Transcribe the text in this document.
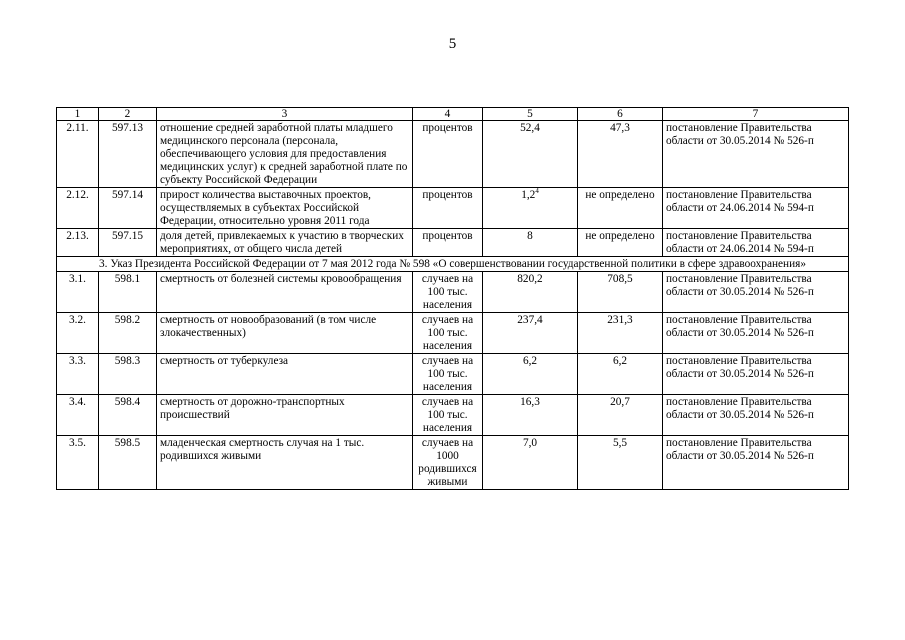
5
1	2	3	4	5	6	7
2.11.	597.13	отношение средней заработной платы младшего медицинского персонала (персонала, обеспечивающего условия для предоставления медицинских услуг) к средней заработной плате по субъекту Российской Федерации	процентов	52,4	47,3	постановление Правительства области от 30.05.2014 № 526-п
2.12.	597.14	прирост количества выставочных проектов, осуществляемых в субъектах Российской Федерации, относительно уровня 2011 года	процентов	$1,2^4$	не определено	постановление Правительства области от 24.06.2014 № 594-п
2.13.	597.15	доля детей, привлекаемых к участию в творческих мероприятиях, от общего числа детей	процентов	8	не определено	постановление Правительства области от 24.06.2014 № 594-п
3. Указ Президента Российской Федерации от 7 мая 2012 года № 598 «О совершенствовании государственной политики в сфере здравоохранения»						
3.1.	598.1	смертность от болезней системы кровообращения	случаев на 100 тыс. населения	820,2	708,5	постановление Правительства области от 30.05.2014 № 526-п
3.2.	598.2	смертность от новообразований (в том числе злокачественных)	случаев на 100 тыс. населения	237,4	231,3	постановление Правительства области от 30.05.2014 № 526-п
3.3.	598.3	смертность от туберкулеза	случаев на 100 тыс. населения	6,2	6,2	постановление Правительства области от 30.05.2014 № 526-п
3.4.	598.4	смертность от дорожно-транспортных происшествий	случаев на 100 тыс. населения	16,3	20,7	постановление Правительства области от 30.05.2014 № 526-п
3.5.	598.5	младенческая смертность случая на 1 тыс. родившихся живыми	случаев на 1000 родившихся живыми	7,0	5,5	постановление Правительства области от 30.05.2014 № 526-п
